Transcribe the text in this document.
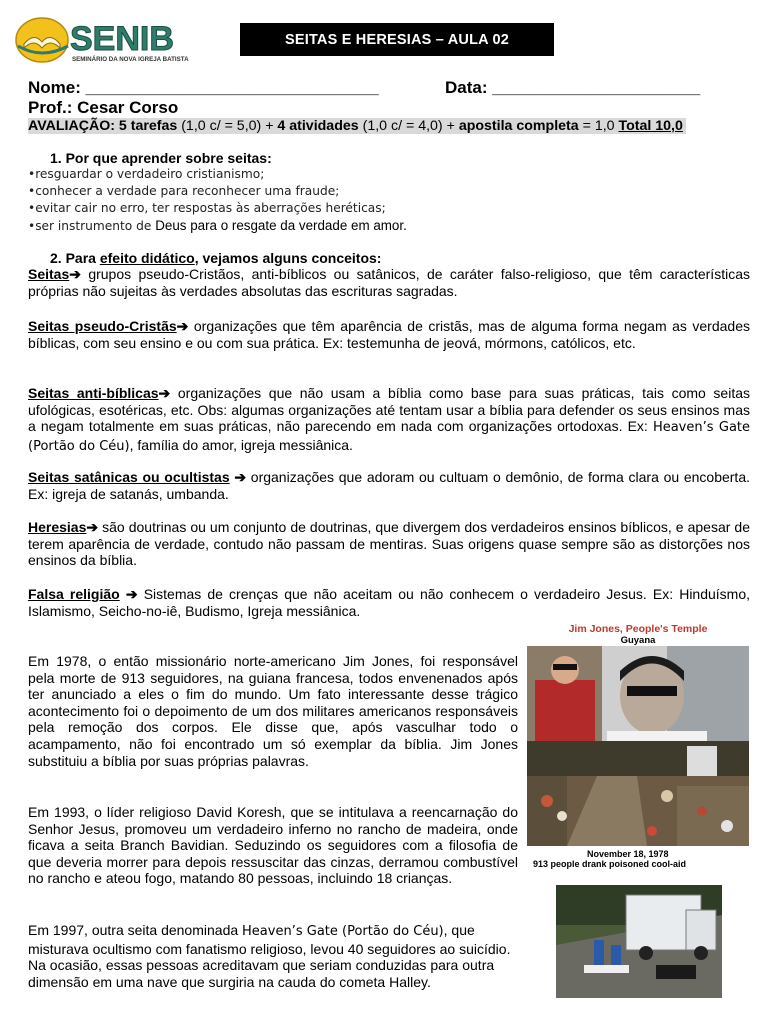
SENIB
SEMINÁRIO DA NOVA IGREJA BATISTA
SEITAS E HERESIAS – AULA 02
Nome: _______________________________	Data: ______________________
Prof.: Cesar Corso
AVALIAÇÃO: 5 tarefas (1,0 c/ = 5,0) + 4 atividades (1,0 c/ = 4,0) + apostila completa = 1,0 Total 10,0
1. Por que aprender sobre seitas:
•resguardar o verdadeiro cristianismo;
•conhecer a verdade para reconhecer uma fraude;
•evitar cair no erro, ter respostas às aberrações heréticas;
•ser instrumento de Deus para o resgate da verdade em amor.
2. Para efeito didático, vejamos alguns conceitos:
Seitas➔ grupos pseudo-Cristãos, anti-bíblicos ou satânicos, de caráter falso-religioso, que têm características próprias não sujeitas às verdades absolutas das escrituras sagradas.
Seitas pseudo-Cristãs➔ organizações que têm aparência de cristãs, mas de alguma forma negam as verdades bíblicas, com seu ensino e ou com sua prática. Ex: testemunha de jeová, mórmons, católicos, etc.
Seitas anti-bíblicas➔ organizações que não usam a bíblia como base para suas práticas, tais como seitas ufológicas, esotéricas, etc. Obs: algumas organizações até tentam usar a bíblia para defender os seus ensinos mas a negam totalmente em suas práticas, não parecendo em nada com organizações ortodoxas. Ex: Heaven’s Gate (Portão do Céu), família do amor, igreja messiânica.
Seitas satânicas ou ocultistas ➔ organizações que adoram ou cultuam o demônio, de forma clara ou encoberta. Ex: igreja de satanás, umbanda.
Heresias➔ são doutrinas ou um conjunto de doutrinas, que divergem dos verdadeiros ensinos bíblicos, e apesar de terem aparência de verdade, contudo não passam de mentiras. Suas origens quase sempre são as distorções nos ensinos da bíblia.
Falsa religião ➔ Sistemas de crenças que não aceitam ou não conhecem o verdadeiro Jesus. Ex: Hinduísmo, Islamismo, Seicho-no-iê, Budismo, Igreja messiânica.
Em 1978, o então missionário norte-americano Jim Jones, foi responsável pela morte de 913 seguidores, na guiana francesa, todos envenenados após ter anunciado a eles o fim do mundo. Um fato interessante desse trágico acontecimento foi o depoimento de um dos militares americanos responsáveis pela remoção dos corpos. Ele disse que, após vasculhar todo o acampamento, não foi encontrado um só exemplar da bíblia. Jim Jones substituiu a bíblia por suas próprias palavras.
Em 1993, o líder religioso David Koresh, que se intitulava a reencarnação do Senhor Jesus, promoveu um verdadeiro inferno no rancho de madeira, onde ficava a seita Branch Bavidian. Seduzindo os seguidores com a filosofia de que deveria morrer para depois ressuscitar das cinzas, derramou combustível no rancho e ateou fogo, matando 80 pessoas, incluindo 18 crianças.
Em 1997, outra seita denominada Heaven’s Gate (Portão do Céu), que misturava ocultismo com fanatismo religioso, levou 40 seguidores ao suicídio. Na ocasião, essas pessoas acreditavam que seriam conduzidas para outra dimensão em uma nave que surgiria na cauda do cometa Halley.
Jim Jones, People's Temple
Guyana
November 18, 1978
913 people drank poisoned cool-aid
